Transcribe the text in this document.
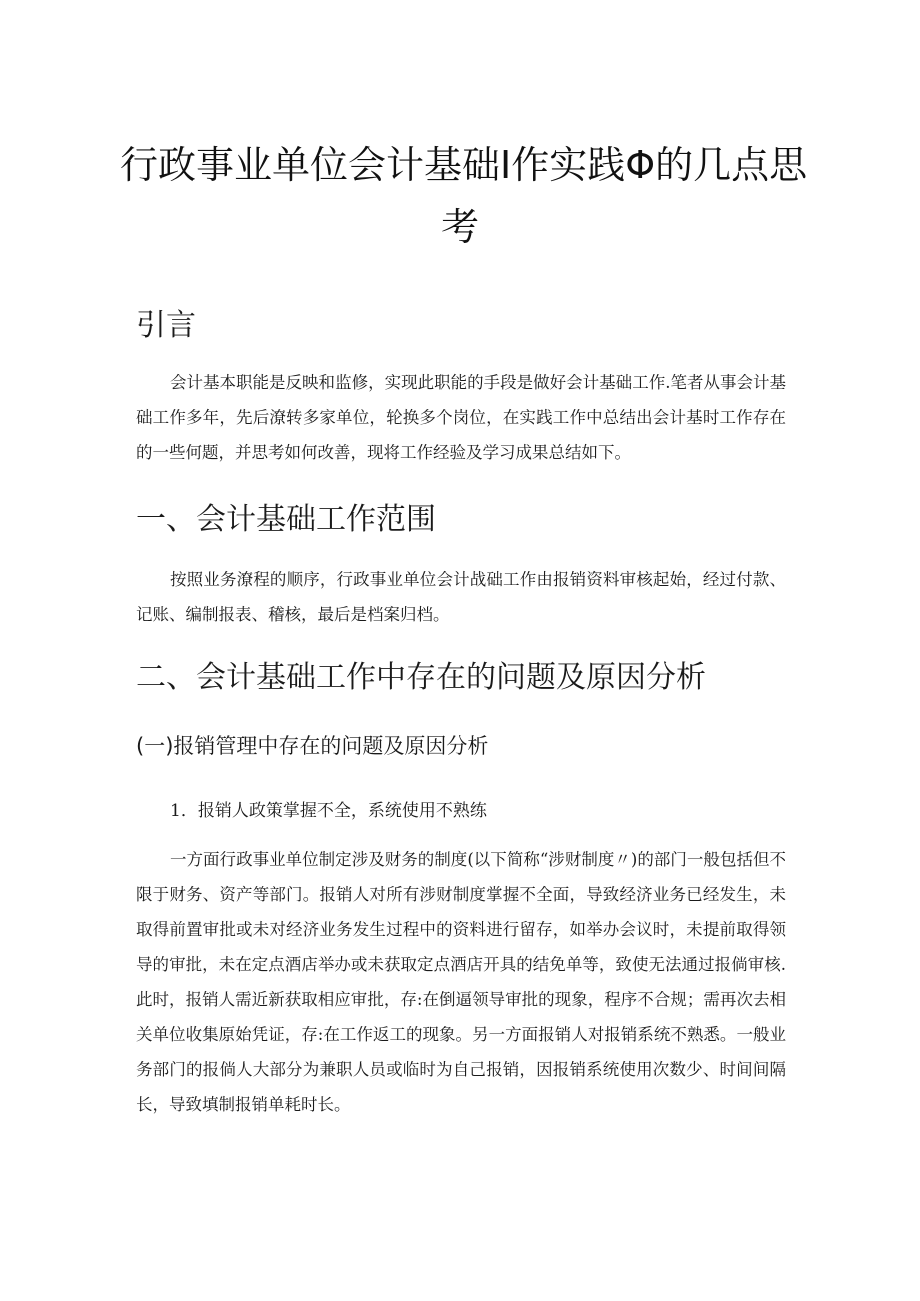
行政事业单位会计基础I作实践Φ的几点思
考
引言

会计基本职能是反映和监修，实现此职能的手段是做好会计基础工作.笔者从事会计基础工作多年，先后潦转多家单位，轮换多个岗位，在实践工作中总结出会计基时工作存在的一些何题，并思考如何改善，现将工作经验及学习成果总结如下。

一、会计基础工作范围

按照业务潦程的顺序，行政事业单位会计战础工作由报销资料审核起始，经过付款、记账、编制报表、稽核，最后是档案归档。

二、会计基础工作中存在的问题及原因分析
(一)报销管理中存在的问题及原因分析
1．报销人政策掌握不全，系统使用不熟练

一方面行政事业单位制定涉及财务的制度(以下简称“涉财制度〃)的部门一般包括但不限于财务、资产等部门。报销人对所有涉财制度掌握不全面，导致经济业务已经发生，未取得前置审批或未对经济业务发生过程中的资料进行留存，如举办会议时，未提前取得领导的审批，未在定点酒店举办或未获取定点酒店开具的结免单等，致使无法通过报倘审核.此时，报销人需近新获取相应审批，存:在倒逼领导审批的现象，程序不合规；需再次去相关单位收集原始凭证，存:在工作返工的现象。另一方面报销人对报销系统不熟悉。一般业务部门的报倘人大部分为兼职人员或临时为自己报销，因报销系统使用次数少、时间间隔长，导致填制报销单耗时长。
